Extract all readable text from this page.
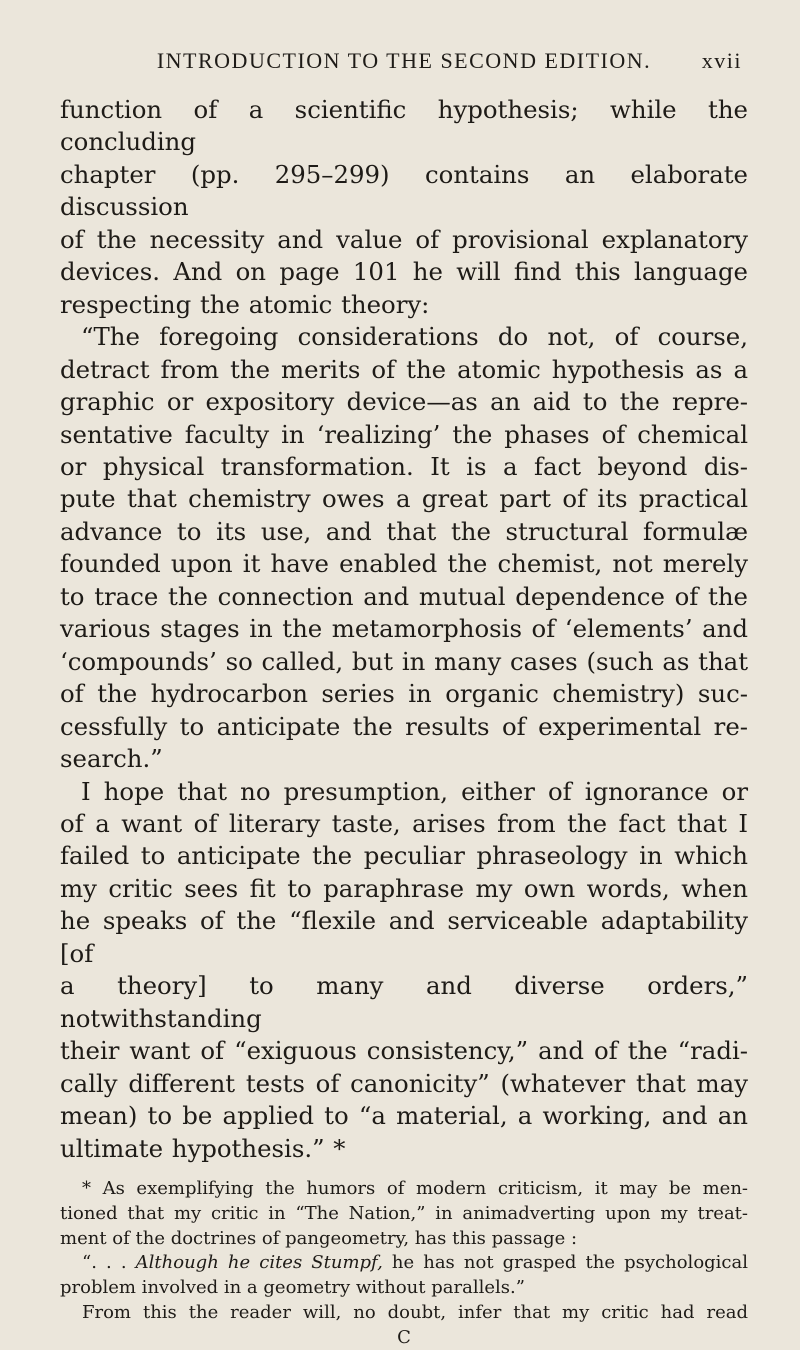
INTRODUCTION TO THE SECOND EDITION. xvii

function of a scientific hypothesis; while the concluding

chapter (pp. 295–299) contains an elaborate discussion

of the necessity and value of provisional explanatory

devices. And on page 101 he will find this language

respecting the atomic theory:

“The foregoing considerations do not, of course,

detract from the merits of the atomic hypothesis as a

graphic or expository device—as an aid to the repre-

sentative faculty in ‘realizing’ the phases of chemical

or physical transformation. It is a fact beyond dis-

pute that chemistry owes a great part of its practical

advance to its use, and that the structural formulæ

founded upon it have enabled the chemist, not merely

to trace the connection and mutual dependence of the

various stages in the metamorphosis of ‘elements’ and

‘compounds’ so called, but in many cases (such as that

of the hydrocarbon series in organic chemistry) suc-

cessfully to anticipate the results of experimental re-

search.”

I hope that no presumption, either of ignorance or

of a want of literary taste, arises from the fact that I

failed to anticipate the peculiar phraseology in which

my critic sees fit to paraphrase my own words, when

he speaks of the “flexile and serviceable adaptability [of

a theory] to many and diverse orders,” notwithstanding

their want of “exiguous consistency,” and of the “radi-

cally different tests of canonicity” (whatever that may

mean) to be applied to “a material, a working, and an

ultimate hypothesis.” *

* As exemplifying the humors of modern criticism, it may be men-

tioned that my critic in “The Nation,” in animadverting upon my treat-

ment of the doctrines of pangeometry, has this passage :

“. . . Although he cites Stumpf, he has not grasped the psychological

problem involved in a geometry without parallels.”

From this the reader will, no doubt, infer that my critic had read

C
